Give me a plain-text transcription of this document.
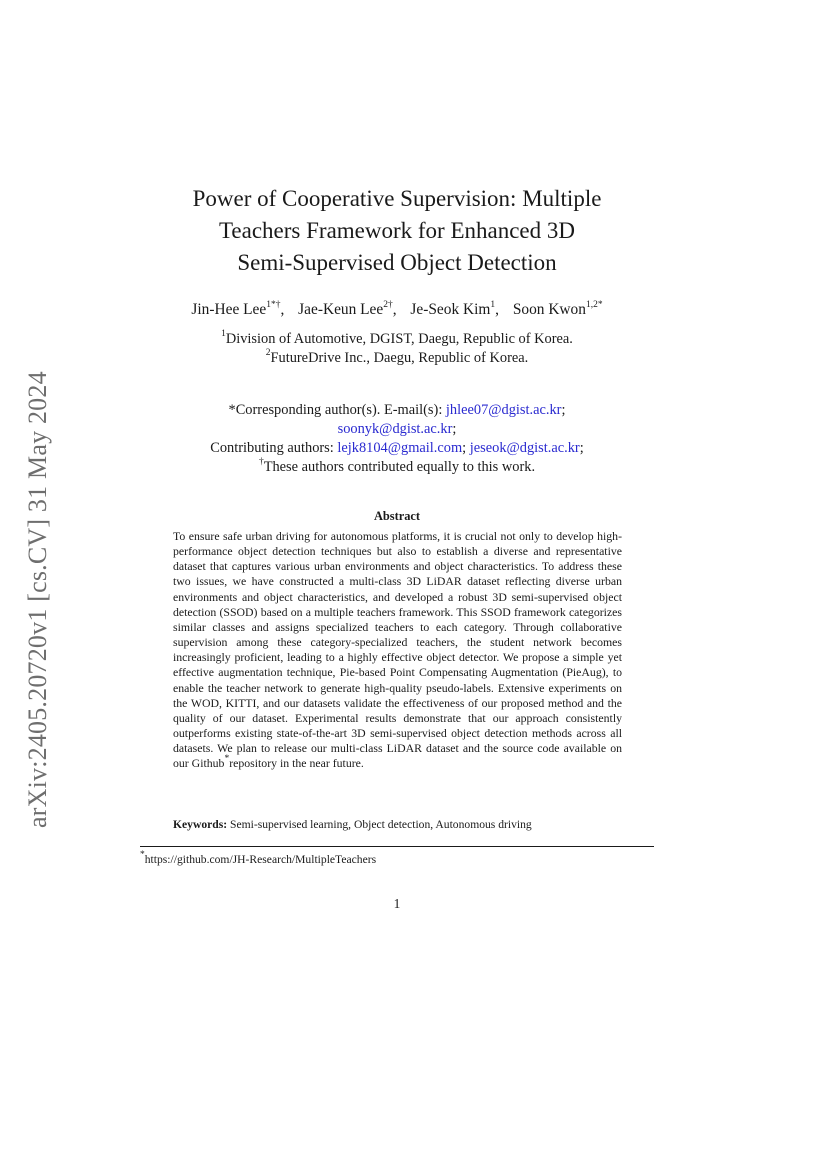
arXiv:2405.20720v1 [cs.CV] 31 May 2024
Power of Cooperative Supervision: Multiple
Teachers Framework for Enhanced 3D
Semi-Supervised Object Detection
Jin-Hee Lee$^{1*\dagger}$, Jae-Keun Lee$^{2\dagger}$, Je-Seok Kim$^1$, Soon Kwon$^{1,2*}$
$^1$Division of Automotive, DGIST, Daegu, Republic of Korea.
$^2$FutureDrive Inc., Daegu, Republic of Korea.
*Corresponding author(s). E-mail(s): jhlee07@dgist.ac.kr;
soonyk@dgist.ac.kr;
Contributing authors: lejk8104@gmail.com; jeseok@dgist.ac.kr;
†These authors contributed equally to this work.
Abstract

To ensure safe urban driving for autonomous platforms, it is crucial not only to develop high-performance object detection techniques but also to establish a diverse and representative dataset that captures various urban environments and object characteristics. To address these two issues, we have constructed a multi-class 3D LiDAR dataset reflecting diverse urban environments and object characteristics, and developed a robust 3D semi-supervised object detection (SSOD) based on a multiple teachers framework. This SSOD framework categorizes similar classes and assigns specialized teachers to each category. Through collaborative supervision among these category-specialized teachers, the student network becomes increasingly proficient, leading to a highly effective object detector. We propose a simple yet effective augmentation technique, Pie-based Point Compensating Augmentation (PieAug), to enable the teacher network to generate high-quality pseudo-labels. Extensive experiments on the WOD, KITTI, and our datasets validate the effectiveness of our proposed method and the quality of our dataset. Experimental results demonstrate that our approach consistently outperforms existing state-of-the-art 3D semi-supervised object detection methods across all datasets. We plan to release our multi-class LiDAR dataset and the source code available on our Github*repository in the near future.

Keywords: Semi-supervised learning, Object detection, Autonomous driving
*https://github.com/JH-Research/MultipleTeachers
1
